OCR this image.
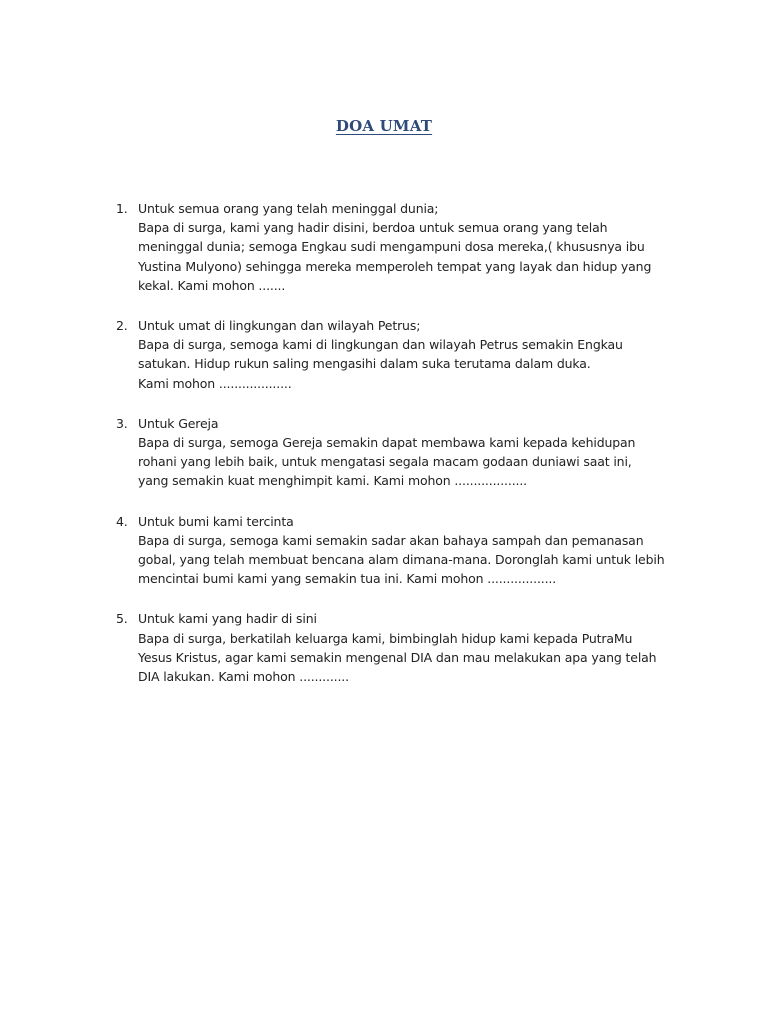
DOA UMAT
1. Untuk semua orang yang telah meninggal dunia;
Bapa di surga, kami yang hadir disini, berdoa untuk semua orang yang telah
meninggal dunia; semoga Engkau sudi mengampuni dosa mereka,( khususnya ibu
Yustina Mulyono) sehingga mereka memperoleh tempat yang layak dan hidup yang
kekal. Kami mohon .......
2. Untuk umat di lingkungan dan wilayah Petrus;
Bapa di surga, semoga kami di lingkungan dan wilayah Petrus semakin Engkau
satukan. Hidup rukun saling mengasihi dalam suka terutama dalam duka.
Kami mohon ...................
3. Untuk Gereja
Bapa di surga, semoga Gereja semakin dapat membawa kami kepada kehidupan
rohani yang lebih baik, untuk mengatasi segala macam godaan duniawi saat ini,
yang semakin kuat menghimpit kami. Kami mohon ...................
4. Untuk bumi kami tercinta
Bapa di surga, semoga kami semakin sadar akan bahaya sampah dan pemanasan
gobal, yang telah membuat bencana alam dimana-mana. Doronglah kami untuk lebih
mencintai bumi kami yang semakin tua ini. Kami mohon ..................
5. Untuk kami yang hadir di sini
Bapa di surga, berkatilah keluarga kami, bimbinglah hidup kami kepada PutraMu
Yesus Kristus, agar kami semakin mengenal DIA dan mau melakukan apa yang telah
DIA lakukan. Kami mohon .............
